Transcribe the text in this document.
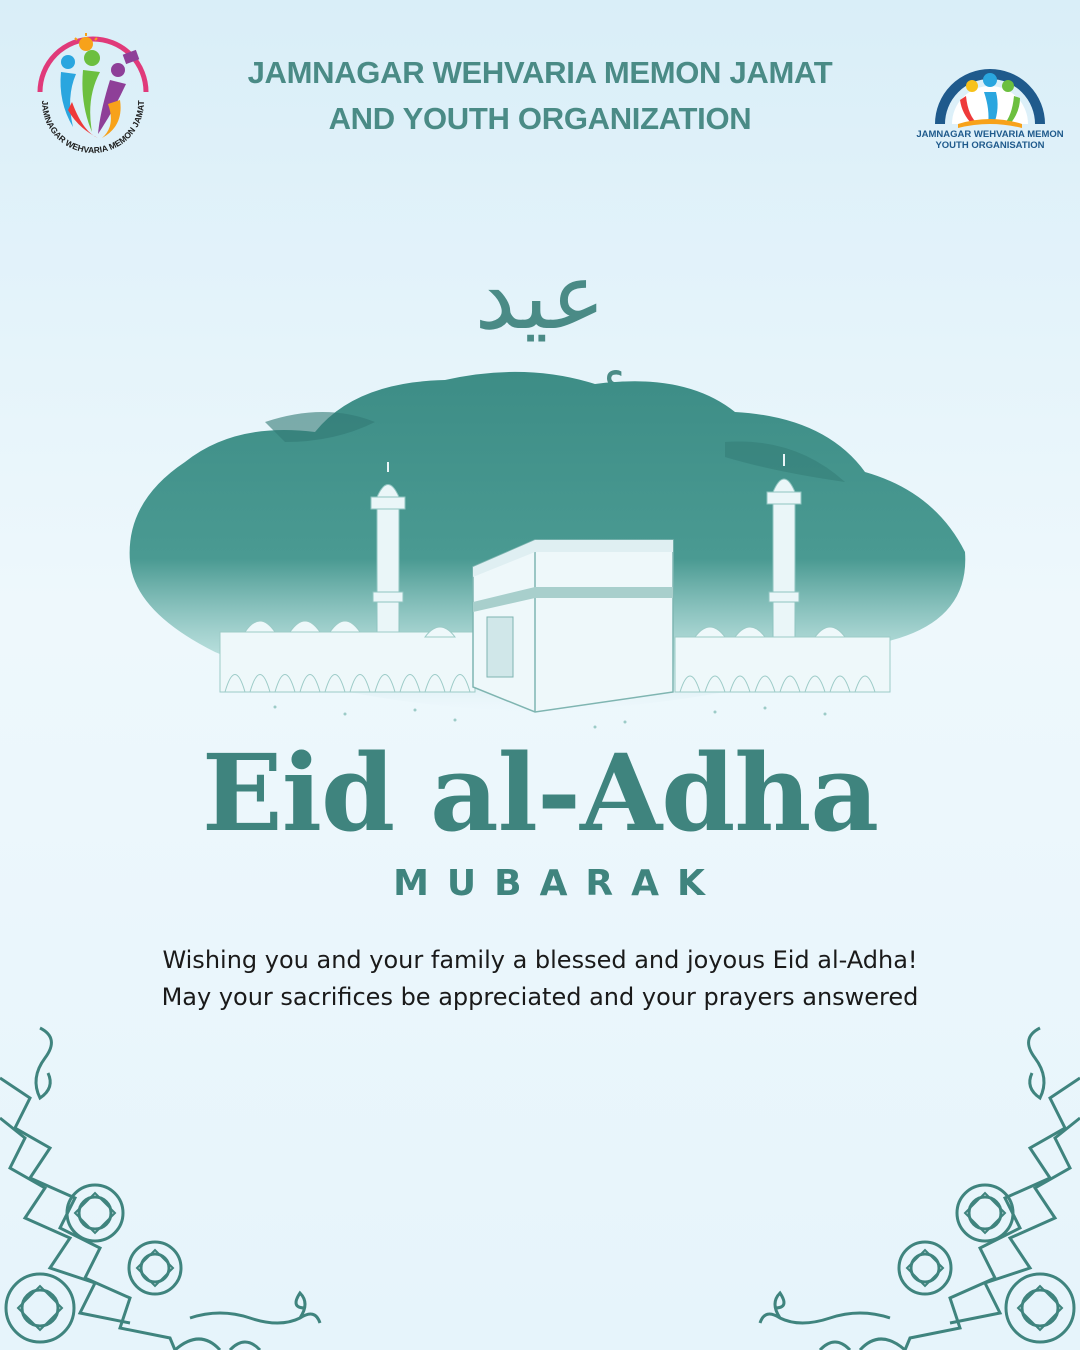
JAMNAGAR WEHVARIA MEMON JAMAT
JAMNAGAR WEHVARIA MEMON JAMAT
AND YOUTH ORGANIZATION	JAMNAGAR WEHVARIA MEMON
YOUTH ORGANISATION
عيد
Eid al-Adha
MUBARAK
Wishing you and your family a blessed and joyous Eid al-Adha! May your sacrifices be appreciated and your prayers answered
